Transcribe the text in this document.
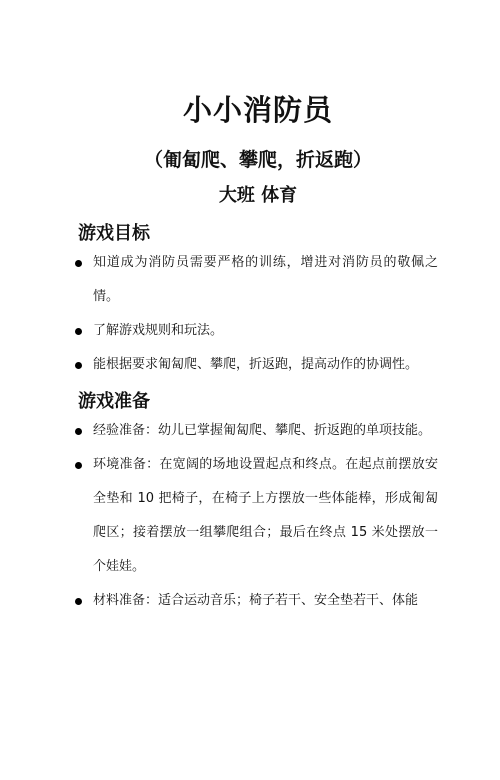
小小消防员
（匍匐爬、攀爬，折返跑）
大班 体育
游戏目标
知道成为消防员需要严格的训练，增进对消防员的敬佩之情。
了解游戏规则和玩法。
能根据要求匍匐爬、攀爬，折返跑，提高动作的协调性。
游戏准备
经验准备：幼儿已掌握匍匐爬、攀爬、折返跑的单项技能。
环境准备：在宽阔的场地设置起点和终点。在起点前摆放安全垫和 10 把椅子，在椅子上方摆放一些体能棒，形成匍匐爬区；接着摆放一组攀爬组合；最后在终点 15 米处摆放一个娃娃。
材料准备：适合运动音乐；椅子若干、安全垫若干、体能
